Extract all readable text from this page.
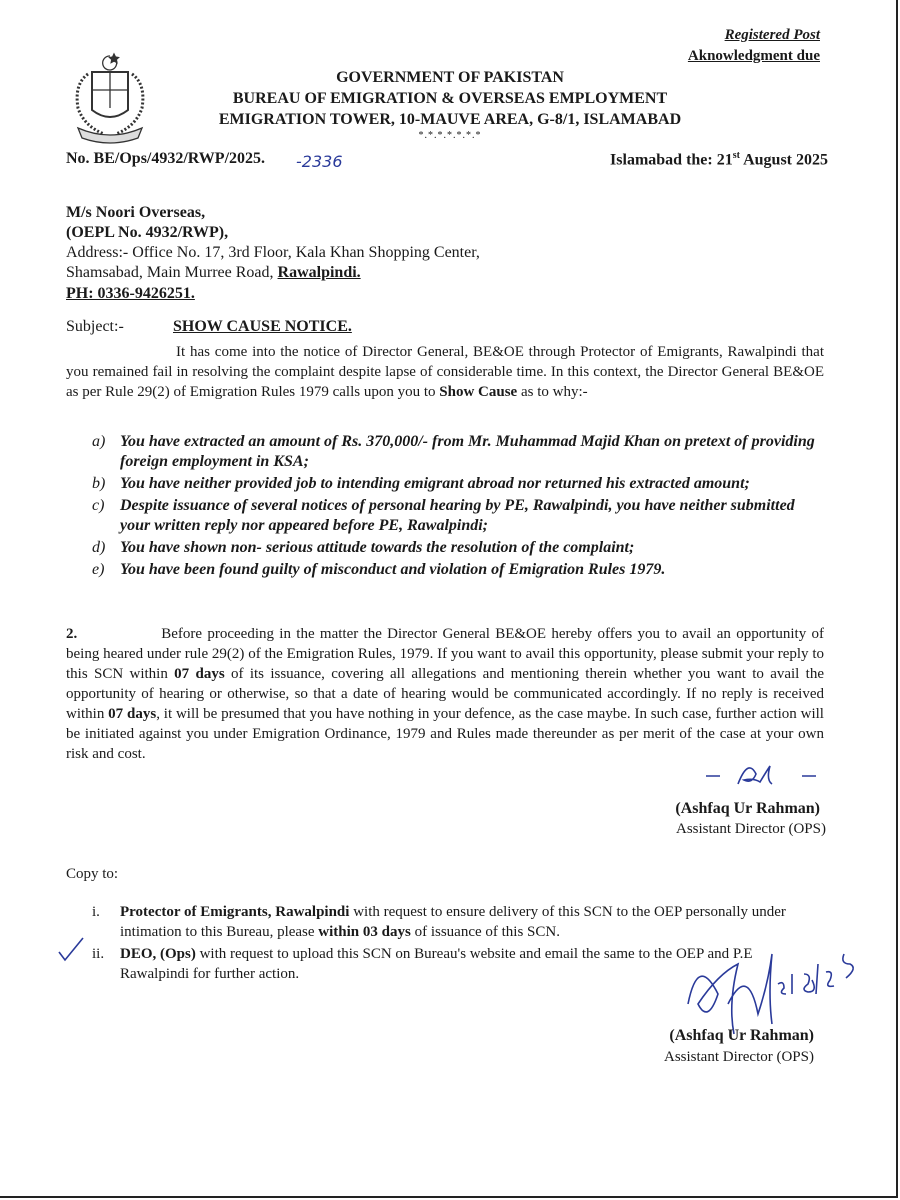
Registered Post
Aknowledgment due
GOVERNMENT OF PAKISTAN
BUREAU OF EMIGRATION & OVERSEAS EMPLOYMENT
EMIGRATION TOWER, 10-MAUVE AREA, G-8/1, ISLAMABAD
*.*.*.*.*.*.*
No. BE/Ops/4932/RWP/2025. -2336	Islamabad the: 21st August 2025
M/s Noori Overseas,
(OEPL No. 4932/RWP),
Address:- Office No. 17, 3rd Floor, Kala Khan Shopping Center,
Shamsabad, Main Murree Road, Rawalpindi.
PH: 0336-9426251.
Subject:-	SHOW CAUSE NOTICE.
It has come into the notice of Director General, BE&OE through Protector of Emigrants, Rawalpindi that you remained fail in resolving the complaint despite lapse of considerable time. In this context, the Director General BE&OE as per Rule 29(2) of Emigration Rules 1979 calls upon you to Show Cause as to why:-
a) You have extracted an amount of Rs. 370,000/- from Mr. Muhammad Majid Khan on pretext of providing foreign employment in KSA;
b) You have neither provided job to intending emigrant abroad nor returned his extracted amount;
c) Despite issuance of several notices of personal hearing by PE, Rawalpindi, you have neither submitted your written reply nor appeared before PE, Rawalpindi;
d) You have shown non- serious attitude towards the resolution of the complaint;
e) You have been found guilty of misconduct and violation of Emigration Rules 1979.
2.	Before proceeding in the matter the Director General BE&OE hereby offers you to avail an opportunity of being heared under rule 29(2) of the Emigration Rules, 1979. If you want to avail this opportunity, please submit your reply to this SCN within 07 days of its issuance, covering all allegations and mentioning therein whether you want to avail the opportunity of hearing or otherwise, so that a date of hearing would be communicated accordingly. If no reply is received within 07 days, it will be presumed that you have nothing in your defence, as the case maybe. In such case, further action will be initiated against you under Emigration Ordinance, 1979 and Rules made thereunder as per merit of the case at your own risk and cost.
(Ashfaq Ur Rahman)
Assistant Director (OPS)
Copy to:
i. Protector of Emigrants, Rawalpindi with request to ensure delivery of this SCN to the OEP personally under intimation to this Bureau, please within 03 days of issuance of this SCN.
ii. DEO, (Ops) with request to upload this SCN on Bureau's website and email the same to the OEP and P.E Rawalpindi for further action.
(Ashfaq Ur Rahman)
Assistant Director (OPS)
